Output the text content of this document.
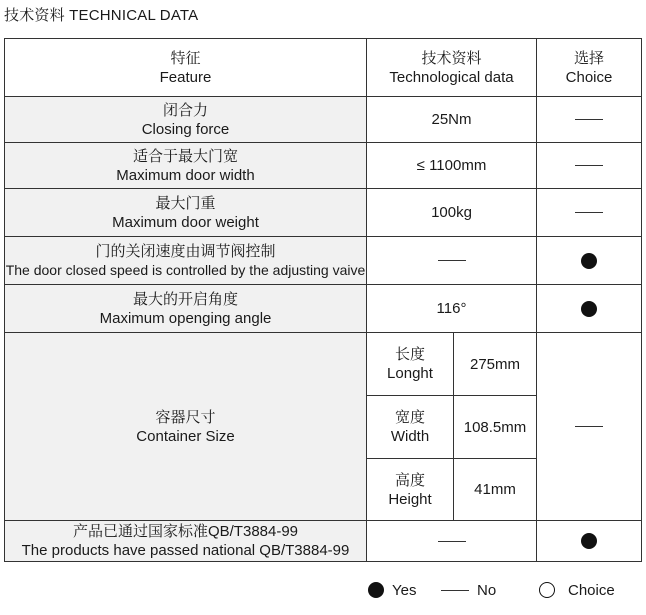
技术资料 TECHNICAL DATA
特征
Feature
技术资料
Technological data
选择
Choice
闭合力
Closing force
25Nm
适合于最大门宽
Maximum door width
≤ 1100mm
最大门重
Maximum door weight
100kg
门的关闭速度由调节阀控制
The door closed speed is controlled by the adjusting vaive
最大的开启角度
Maximum openging angle
116°
容器尺寸
Container Size
长度
Longht
275mm
宽度
Width
108.5mm
高度
Height
41mm
产品已通过国家标准QB/T3884-99
The products have passed national QB/T3884-99
Yes	No	Choice
